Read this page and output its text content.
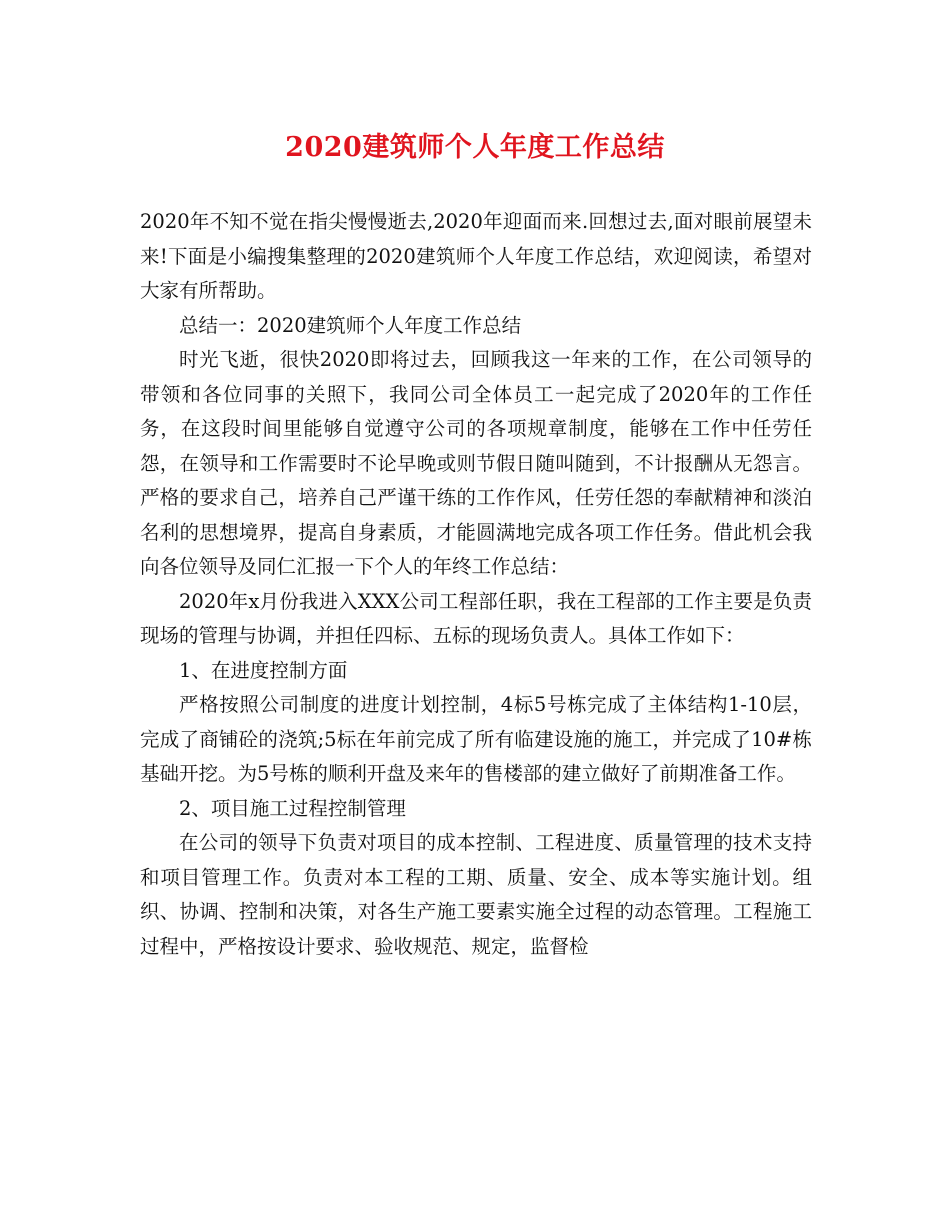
2020建筑师个人年度工作总结

2020年不知不觉在指尖慢慢逝去,2020年迎面而来.回想过去,面对眼前展望未来!下面是小编搜集整理的2020建筑师个人年度工作总结，欢迎阅读，希望对大家有所帮助。

总结一：2020建筑师个人年度工作总结

时光飞逝，很快2020即将过去，回顾我这一年来的工作，在公司领导的带领和各位同事的关照下，我同公司全体员工一起完成了2020年的工作任务，在这段时间里能够自觉遵守公司的各项规章制度，能够在工作中任劳任怨，在领导和工作需要时不论早晚或则节假日随叫随到，不计报酬从无怨言。严格的要求自己，培养自己严谨干练的工作作风，任劳任怨的奉献精神和淡泊名利的思想境界，提高自身素质，才能圆满地完成各项工作任务。借此机会我向各位领导及同仁汇报一下个人的年终工作总结：

2020年x月份我进入XXX公司工程部任职，我在工程部的工作主要是负责现场的管理与协调，并担任四标、五标的现场负责人。具体工作如下：

1、在进度控制方面

严格按照公司制度的进度计划控制，4标5号栋完成了主体结构1-10层，完成了商铺砼的浇筑;5标在年前完成了所有临建设施的施工，并完成了10#栋基础开挖。为5号栋的顺利开盘及来年的售楼部的建立做好了前期准备工作。

2、项目施工过程控制管理

在公司的领导下负责对项目的成本控制、工程进度、质量管理的技术支持和项目管理工作。负责对本工程的工期、质量、安全、成本等实施计划。组织、协调、控制和决策，对各生产施工要素实施全过程的动态管理。工程施工过程中，严格按设计要求、验收规范、规定，监督检
